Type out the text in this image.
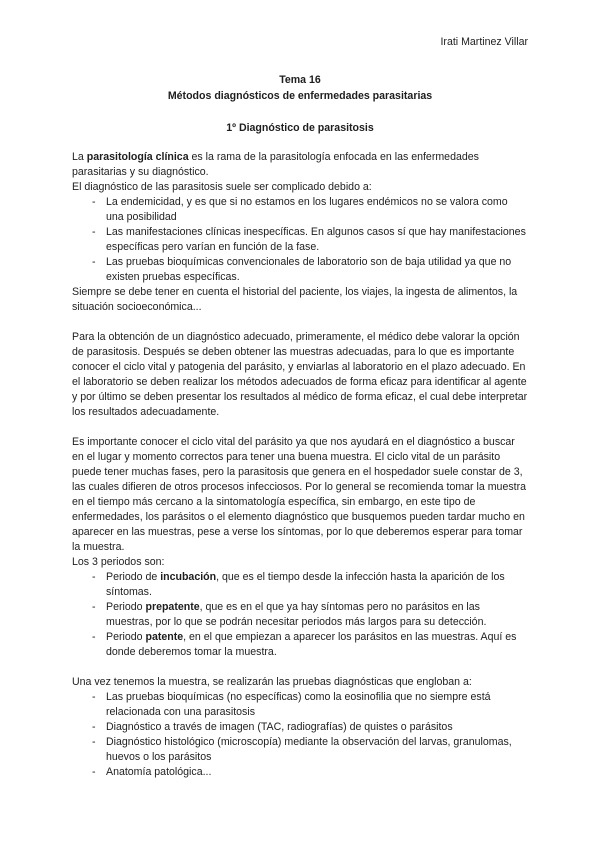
Irati Martinez Villar
Tema 16
Métodos diagnósticos de enfermedades parasitarias
1º Diagnóstico de parasitosis

La parasitología clínica es la rama de la parasitología enfocada en las enfermedades parasitarias y su diagnóstico.

El diagnóstico de las parasitosis suele ser complicado debido a:

- La endemicidad, y es que si no estamos en los lugares endémicos no se valora como una posibilidad
- Las manifestaciones clínicas inespecíficas. En algunos casos sí que hay manifestaciones específicas pero varían en función de la fase.
- Las pruebas bioquímicas convencionales de laboratorio son de baja utilidad ya que no existen pruebas específicas.

Siempre se debe tener en cuenta el historial del paciente, los viajes, la ingesta de alimentos, la situación socioeconómica...

Para la obtención de un diagnóstico adecuado, primeramente, el médico debe valorar la opción de parasitosis. Después se deben obtener las muestras adecuadas, para lo que es importante conocer el ciclo vital y patogenia del parásito, y enviarlas al laboratorio en el plazo adecuado. En el laboratorio se deben realizar los métodos adecuados de forma eficaz para identificar al agente y por último se deben presentar los resultados al médico de forma eficaz, el cual debe interpretar los resultados adecuadamente.

Es importante conocer el ciclo vital del parásito ya que nos ayudará en el diagnóstico a buscar en el lugar y momento correctos para tener una buena muestra. El ciclo vital de un parásito puede tener muchas fases, pero la parasitosis que genera en el hospedador suele constar de 3, las cuales difieren de otros procesos infecciosos. Por lo general se recomienda tomar la muestra en el tiempo más cercano a la sintomatología específica, sin embargo, en este tipo de enfermedades, los parásitos o el elemento diagnóstico que busquemos pueden tardar mucho en aparecer en las muestras, pese a verse los síntomas, por lo que deberemos esperar para tomar la muestra.

Los 3 periodos son:

- Periodo de incubación, que es el tiempo desde la infección hasta la aparición de los síntomas.
- Periodo prepatente, que es en el que ya hay síntomas pero no parásitos en las muestras, por lo que se podrán necesitar periodos más largos para su detección.
- Periodo patente, en el que empiezan a aparecer los parásitos en las muestras. Aquí es donde deberemos tomar la muestra.

Una vez tenemos la muestra, se realizarán las pruebas diagnósticas que engloban a:

- Las pruebas bioquímicas (no específicas) como la eosinofilia que no siempre está relacionada con una parasitosis
- Diagnóstico a través de imagen (TAC, radiografías) de quistes o parásitos
- Diagnóstico histológico (microscopía) mediante la observación del larvas, granulomas, huevos o los parásitos
- Anatomía patológica...
